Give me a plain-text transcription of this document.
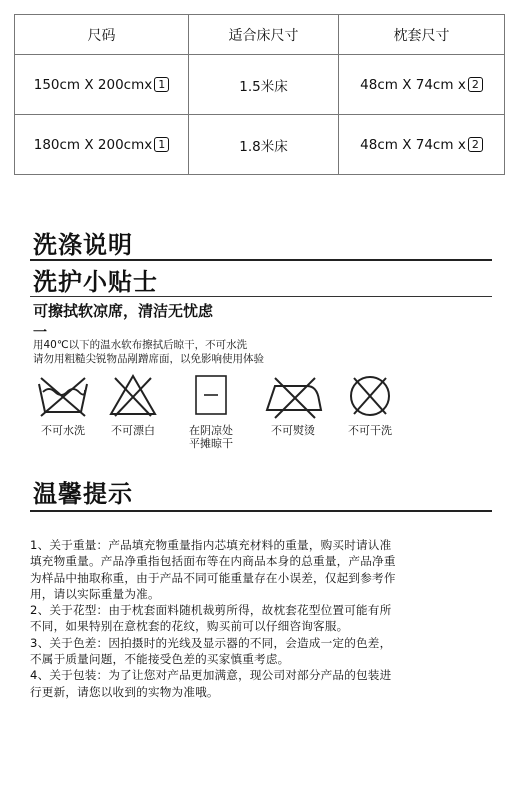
尺码	适合床尺寸	枕套尺寸
150cm X 200cmx 1	1.5米床	48cm X 74cm x 2
180cm X 200cmx 1	1.8米床	48cm X 74cm x 2
洗涤说明
洗护小贴士
可擦拭软凉席，清洁无忧虑
一
用40℃以下的温水软布擦拭后晾干，不可水洗
请勿用粗糙尖锐物品剐蹭席面，以免影响使用体验
不可水洗	不可漂白	在阴凉处
平摊晾干
不可熨烫	不可干洗
温馨提示
1、关于重量：产品填充物重量指内芯填充材料的重量，购买时请认准
填充物重量。产品净重指包括面布等在内商品本身的总重量，产品净重
为样品中抽取称重，由于产品不同可能重量存在小误差，仅起到参考作
用，请以实际重量为准。
2、关于花型：由于枕套面料随机裁剪所得，故枕套花型位置可能有所
不同，如果特别在意枕套的花纹，购买前可以仔细咨询客服。
3、关于色差：因拍摄时的光线及显示器的不同，会造成一定的色差，
不属于质量问题，不能接受色差的买家慎重考虑。
4、关于包装：为了让您对产品更加满意，现公司对部分产品的包装进
行更新，请您以收到的实物为准哦。
